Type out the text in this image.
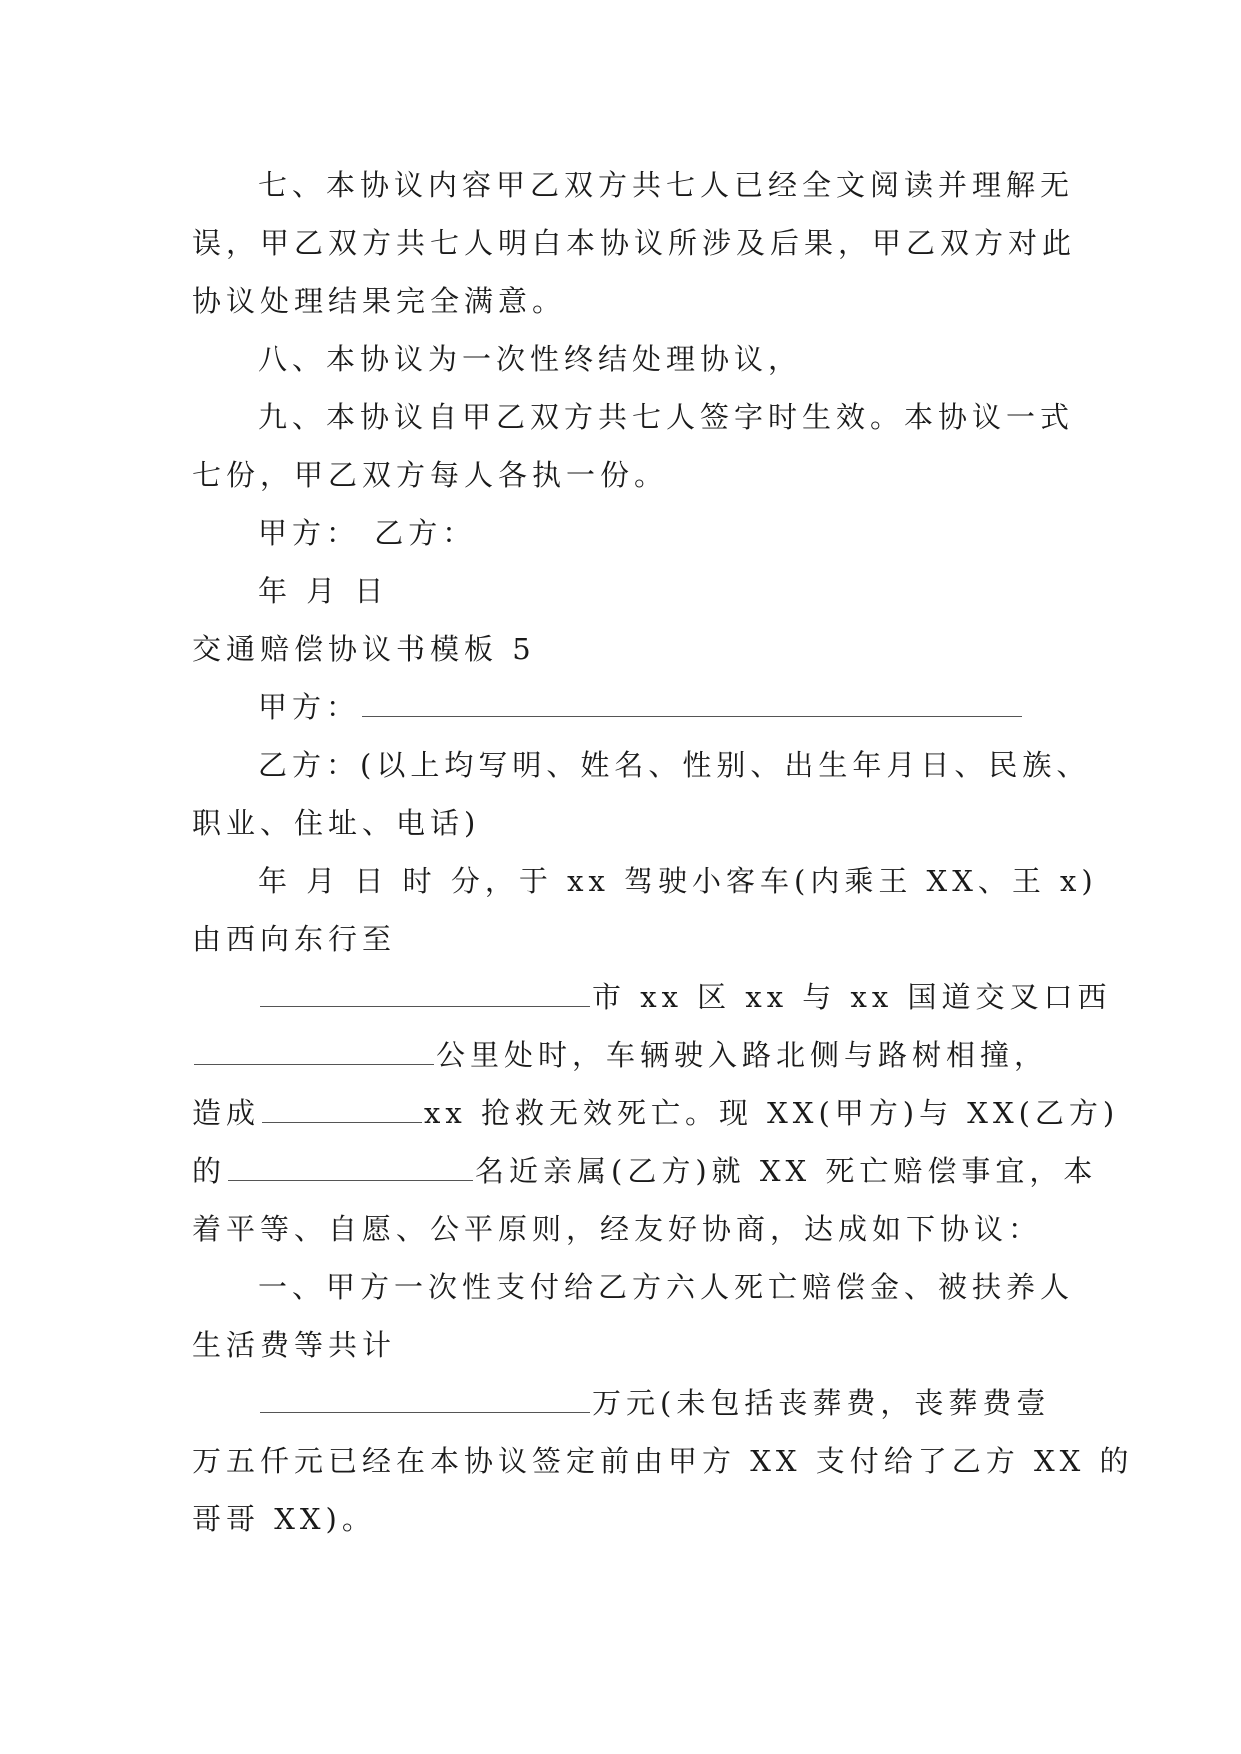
七、本协议内容甲乙双方共七人已经全文阅读并理解无
误，甲乙双方共七人明白本协议所涉及后果，甲乙双方对此
协议处理结果完全满意。
八、本协议为一次性终结处理协议，
九、本协议自甲乙双方共七人签字时生效。本协议一式
七份，甲乙双方每人各执一份。
甲方： 乙方：
年 月 日
交通赔偿协议书模板 5
甲方：
乙方：(以上均写明、姓名、性别、出生年月日、民族、
职业、住址、电话)
年 月 日 时 分，于 xx 驾驶小客车(内乘王 XX、王 x)
由西向东行至
市 xx 区 xx 与 xx 国道交叉口西
公里处时，车辆驶入路北侧与路树相撞，
造成	xx 抢救无效死亡。现 XX(甲方)与 XX(乙方)
的	名近亲属(乙方)就 XX 死亡赔偿事宜，本
着平等、自愿、公平原则，经友好协商，达成如下协议：
一、甲方一次性支付给乙方六人死亡赔偿金、被扶养人
生活费等共计
万元(未包括丧葬费，丧葬费壹
万五仟元已经在本协议签定前由甲方 XX 支付给了乙方 XX 的
哥哥 XX)。
